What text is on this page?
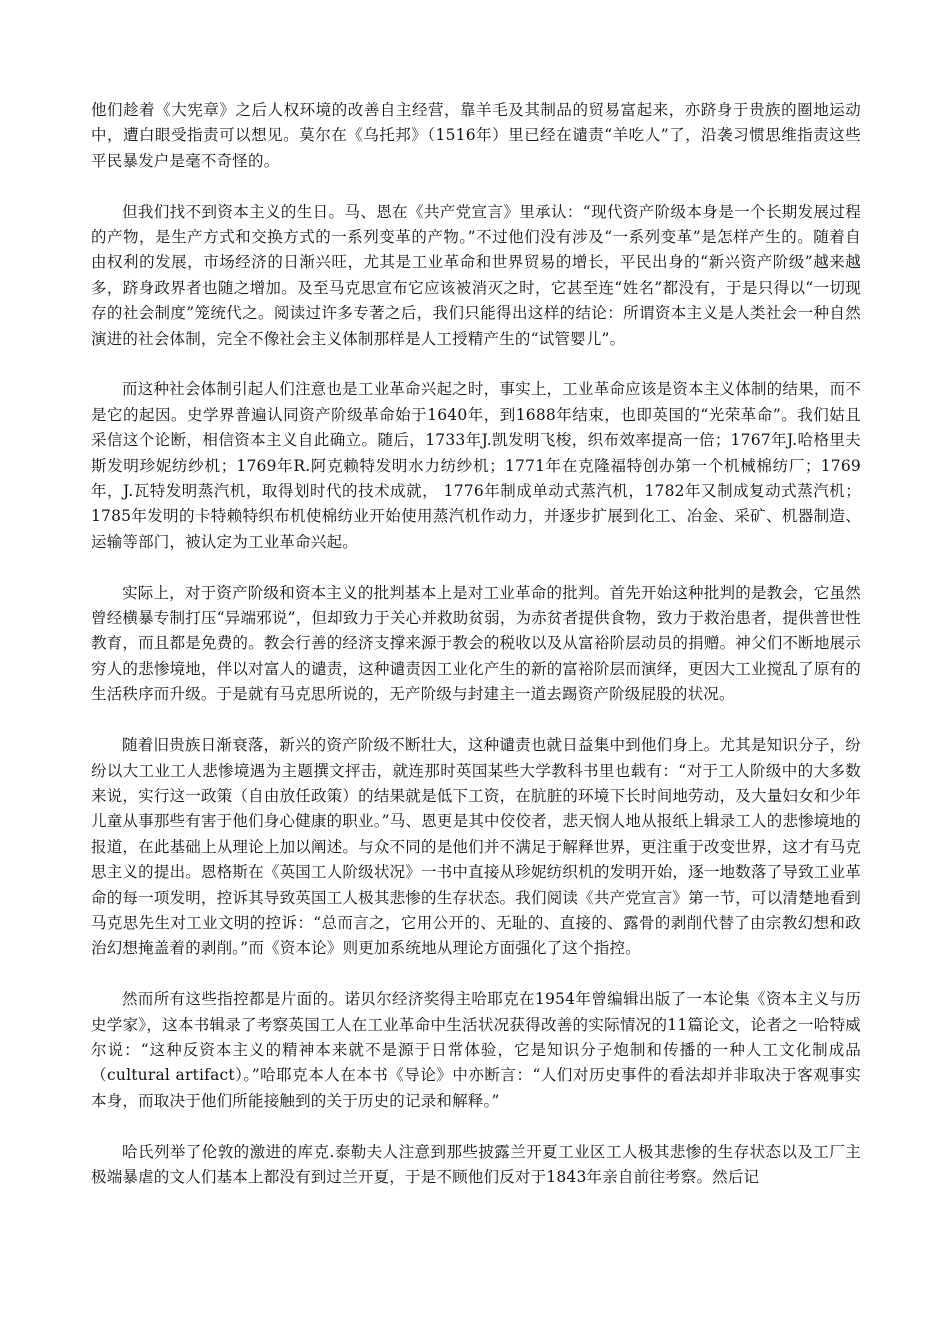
他们趁着《大宪章》之后人权环境的改善自主经营，靠羊毛及其制品的贸易富起来，亦跻身于贵族的圈地运动中，遭白眼受指责可以想见。莫尔在《乌托邦》（1516年）里已经在谴责“羊吃人”了，沿袭习惯思维指责这些平民暴发户是毫不奇怪的。

但我们找不到资本主义的生日。马、恩在《共产党宣言》里承认：“现代资产阶级本身是一个长期发展过程的产物，是生产方式和交换方式的一系列变革的产物。”不过他们没有涉及“一系列变革”是怎样产生的。随着自由权利的发展，市场经济的日渐兴旺，尤其是工业革命和世界贸易的增长，平民出身的“新兴资产阶级”越来越多，跻身政界者也随之增加。及至马克思宣布它应该被消灭之时，它甚至连“姓名”都没有，于是只得以“一切现存的社会制度”笼统代之。阅读过许多专著之后，我们只能得出这样的结论：所谓资本主义是人类社会一种自然演进的社会体制，完全不像社会主义体制那样是人工授精产生的“试管婴儿”。

而这种社会体制引起人们注意也是工业革命兴起之时，事实上，工业革命应该是资本主义体制的结果，而不是它的起因。史学界普遍认同资产阶级革命始于1640年，到1688年结束，也即英国的“光荣革命”。我们姑且采信这个论断，相信资本主义自此确立。随后，1733年J.凯发明飞梭，织布效率提高一倍；1767年J.哈格里夫斯发明珍妮纺纱机；1769年R.阿克赖特发明水力纺纱机；1771年在克隆福特创办第一个机械棉纺厂；1769年，J.瓦特发明蒸汽机，取得划时代的技术成就， 1776年制成单动式蒸汽机，1782年又制成复动式蒸汽机；1785年发明的卡特赖特织布机使棉纺业开始使用蒸汽机作动力，并逐步扩展到化工、冶金、采矿、机器制造、运输等部门，被认定为工业革命兴起。

实际上，对于资产阶级和资本主义的批判基本上是对工业革命的批判。首先开始这种批判的是教会，它虽然曾经横暴专制打压“异端邪说”，但却致力于关心并救助贫弱，为赤贫者提供食物，致力于救治患者，提供普世性教育，而且都是免费的。教会行善的经济支撑来源于教会的税收以及从富裕阶层动员的捐赠。神父们不断地展示穷人的悲惨境地，伴以对富人的谴责，这种谴责因工业化产生的新的富裕阶层而演绎，更因大工业搅乱了原有的生活秩序而升级。于是就有马克思所说的，无产阶级与封建主一道去踢资产阶级屁股的状况。

随着旧贵族日渐衰落，新兴的资产阶级不断壮大，这种谴责也就日益集中到他们身上。尤其是知识分子，纷纷以大工业工人悲惨境遇为主题撰文抨击，就连那时英国某些大学教科书里也载有：“对于工人阶级中的大多数来说，实行这一政策（自由放任政策）的结果就是低下工资，在肮脏的环境下长时间地劳动，及大量妇女和少年儿童从事那些有害于他们身心健康的职业。”马、恩更是其中佼佼者，悲天悯人地从报纸上辑录工人的悲惨境地的报道，在此基础上从理论上加以阐述。与众不同的是他们并不满足于解释世界，更注重于改变世界，这才有马克思主义的提出。恩格斯在《英国工人阶级状况》一书中直接从珍妮纺织机的发明开始，逐一地数落了导致工业革命的每一项发明，控诉其导致英国工人极其悲惨的生存状态。我们阅读《共产党宣言》第一节，可以清楚地看到马克思先生对工业文明的控诉：“总而言之，它用公开的、无耻的、直接的、露骨的剥削代替了由宗教幻想和政治幻想掩盖着的剥削。”而《资本论》则更加系统地从理论方面强化了这个指控。

然而所有这些指控都是片面的。诺贝尔经济奖得主哈耶克在1954年曾编辑出版了一本论集《资本主义与历史学家》，这本书辑录了考察英国工人在工业革命中生活状况获得改善的实际情况的11篇论文，论者之一哈特威尔说：“这种反资本主义的精神本来就不是源于日常体验，它是知识分子炮制和传播的一种人工文化制成品（cultural artifact）。”哈耶克本人在本书《导论》中亦断言：“人们对历史事件的看法却并非取决于客观事实本身，而取决于他们所能接触到的关于历史的记录和解释。”

哈氏列举了伦敦的激进的库克.泰勒夫人注意到那些披露兰开夏工业区工人极其悲惨的生存状态以及工厂主极端暴虐的文人们基本上都没有到过兰开夏，于是不顾他们反对于1843年亲自前往考察。然后记
